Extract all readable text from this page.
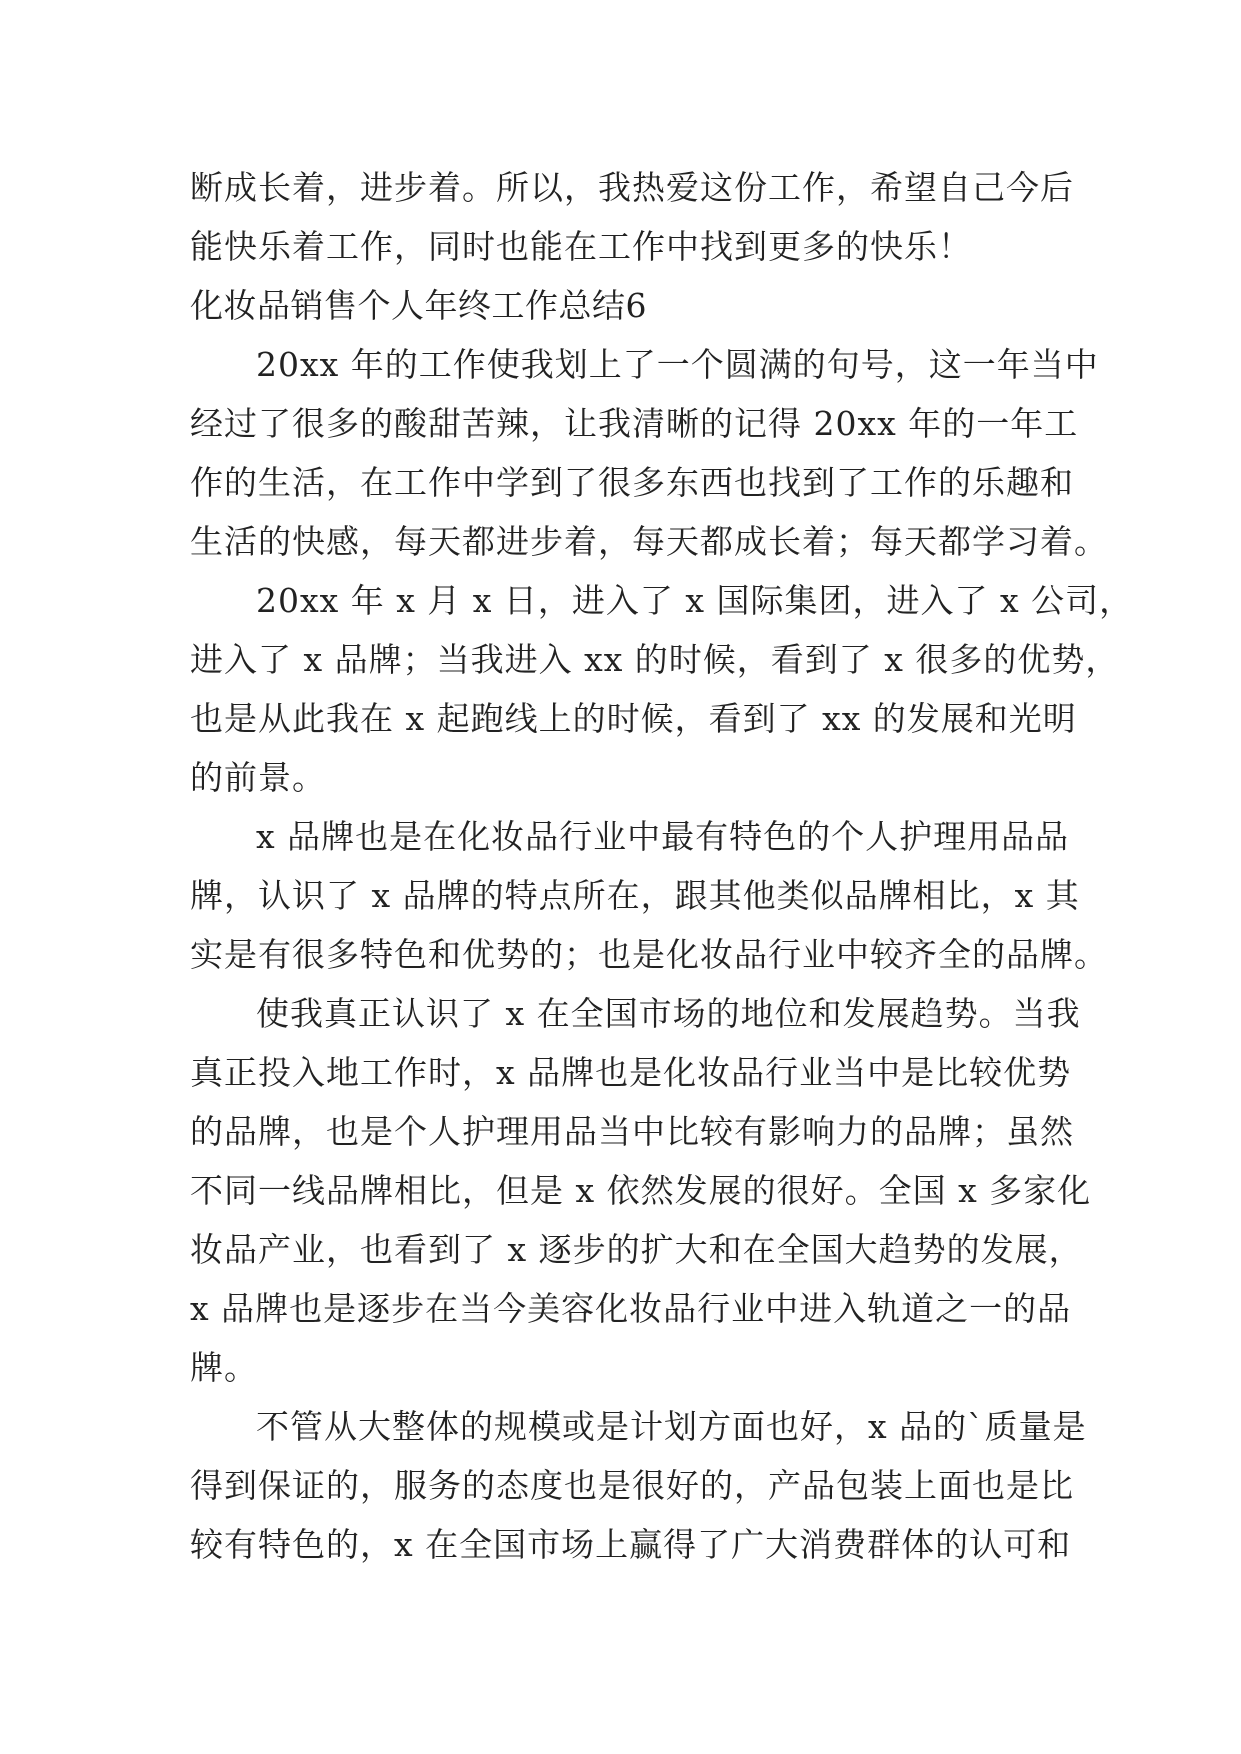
断成长着，进步着。所以，我热爱这份工作，希望自己今后
能快乐着工作，同时也能在工作中找到更多的快乐！
化妆品销售个人年终工作总结6
20xx 年的工作使我划上了一个圆满的句号，这一年当中
经过了很多的酸甜苦辣，让我清晰的记得 20xx 年的一年工
作的生活，在工作中学到了很多东西也找到了工作的乐趣和
生活的快感，每天都进步着，每天都成长着；每天都学习着。
20xx 年 x 月 x 日，进入了 x 国际集团，进入了 x 公司，
进入了 x 品牌；当我进入 xx 的时候，看到了 x 很多的优势，
也是从此我在 x 起跑线上的时候，看到了 xx 的发展和光明
的前景。
x 品牌也是在化妆品行业中最有特色的个人护理用品品
牌，认识了 x 品牌的特点所在，跟其他类似品牌相比，x 其
实是有很多特色和优势的；也是化妆品行业中较齐全的品牌。
使我真正认识了 x 在全国市场的地位和发展趋势。当我
真正投入地工作时，x 品牌也是化妆品行业当中是比较优势
的品牌，也是个人护理用品当中比较有影响力的品牌；虽然
不同一线品牌相比，但是 x 依然发展的很好。全国 x 多家化
妆品产业，也看到了 x 逐步的扩大和在全国大趋势的发展，
x 品牌也是逐步在当今美容化妆品行业中进入轨道之一的品
牌。
不管从大整体的规模或是计划方面也好，x 品的`质量是
得到保证的，服务的态度也是很好的，产品包装上面也是比
较有特色的，x 在全国市场上赢得了广大消费群体的认可和
